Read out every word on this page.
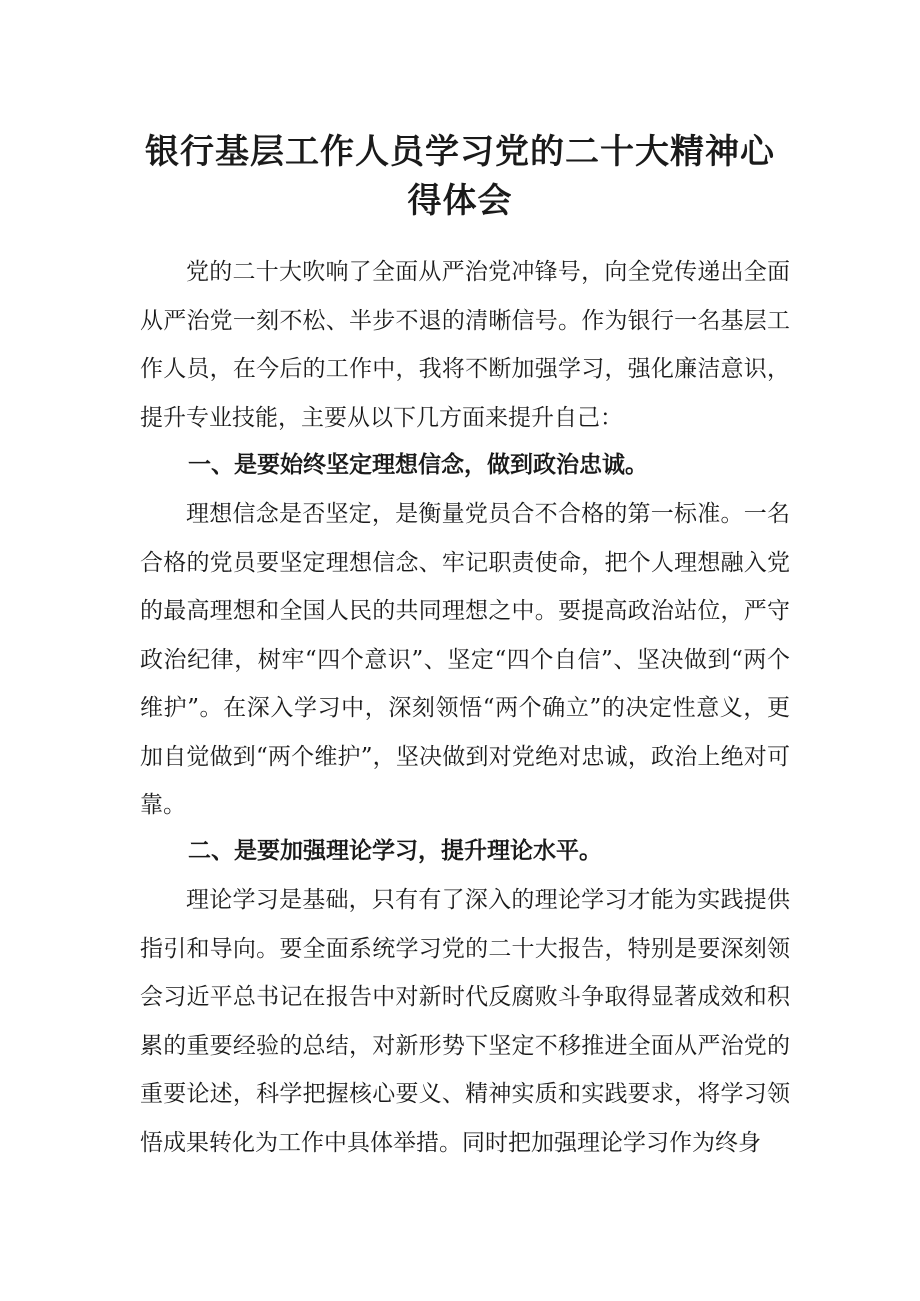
银行基层工作人员学习党的二十大精神心
得体会

党的二十大吹响了全面从严治党冲锋号，向全党传递出全面从严治党一刻不松、半步不退的清晰信号。作为银行一名基层工作人员，在今后的工作中，我将不断加强学习，强化廉洁意识，提升专业技能，主要从以下几方面来提升自己：

一、是要始终坚定理想信念，做到政治忠诚。

理想信念是否坚定，是衡量党员合不合格的第一标准。一名合格的党员要坚定理想信念、牢记职责使命，把个人理想融入党的最高理想和全国人民的共同理想之中。要提高政治站位，严守政治纪律，树牢“四个意识”、坚定“四个自信”、坚决做到“两个维护”。在深入学习中，深刻领悟“两个确立”的决定性意义，更加自觉做到“两个维护”，坚决做到对党绝对忠诚，政治上绝对可靠。

二、是要加强理论学习，提升理论水平。

理论学习是基础，只有有了深入的理论学习才能为实践提供指引和导向。要全面系统学习党的二十大报告，特别是要深刻领会习近平总书记在报告中对新时代反腐败斗争取得显著成效和积累的重要经验的总结，对新形势下坚定不移推进全面从严治党的重要论述，科学把握核心要义、精神实质和实践要求，将学习领悟成果转化为工作中具体举措。同时把加强理论学习作为终身
